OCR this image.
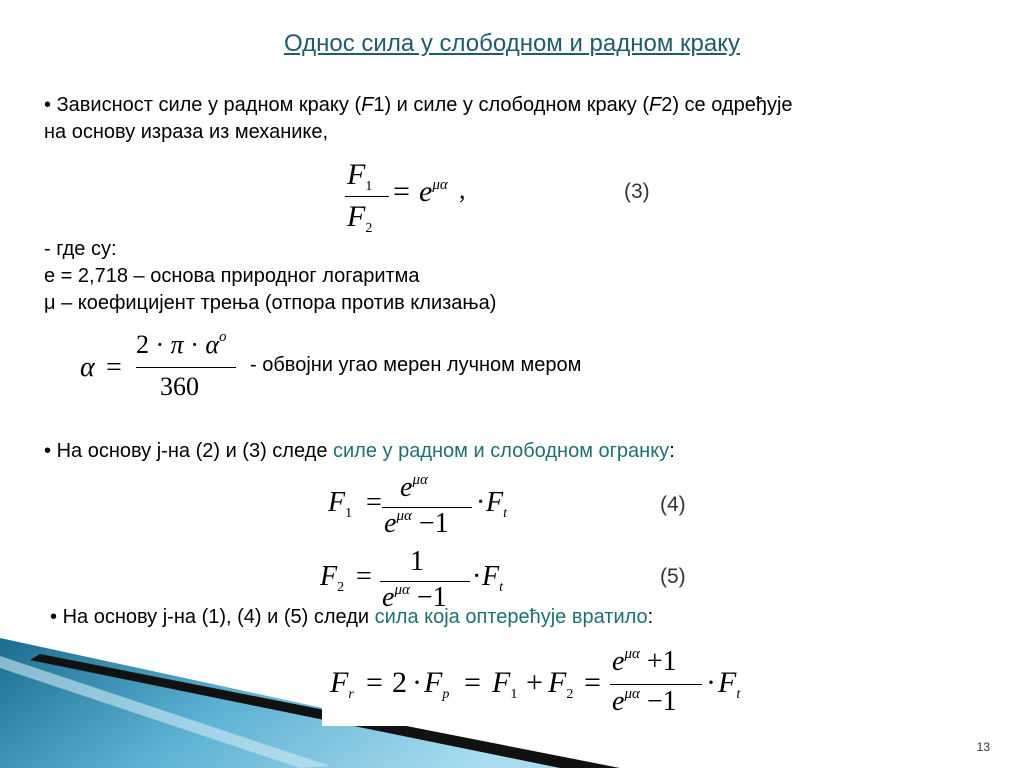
Однос сила у слободном и радном краку
• Зависност силе у радном краку (F1) и силе у слободном краку (F2) се одређује
на основу израза из механике,
$F_1$
$F_2$
= $e^{\mu\alpha}$ ,	(3)
- где су:
e = 2,718 – основа природног логаритма
μ – коефицијент трења (отпора против клизања)
α =
$2 \cdot \pi \cdot \alpha^o$
360
- обвојни угао мерен лучном мером
• На основу ј-на (2) и (3) следе силе у радном и слободном огранку:
$F_1 = e^{\mu\alpha}$
$e^{\mu\alpha} -1$
· $F_t$	(4)
$F_2 = 1$
$e^{\mu\alpha} -1$
· $F_t$	(5)
• На основу ј-на (1), (4) и (5) следи сила која оптерећује вратило:
$F_r = 2 \cdot F_p = F_1 + F_2$ =
$e^{\mu\alpha} +1$
$e^{\mu\alpha} -1$
· $F_t$
13
